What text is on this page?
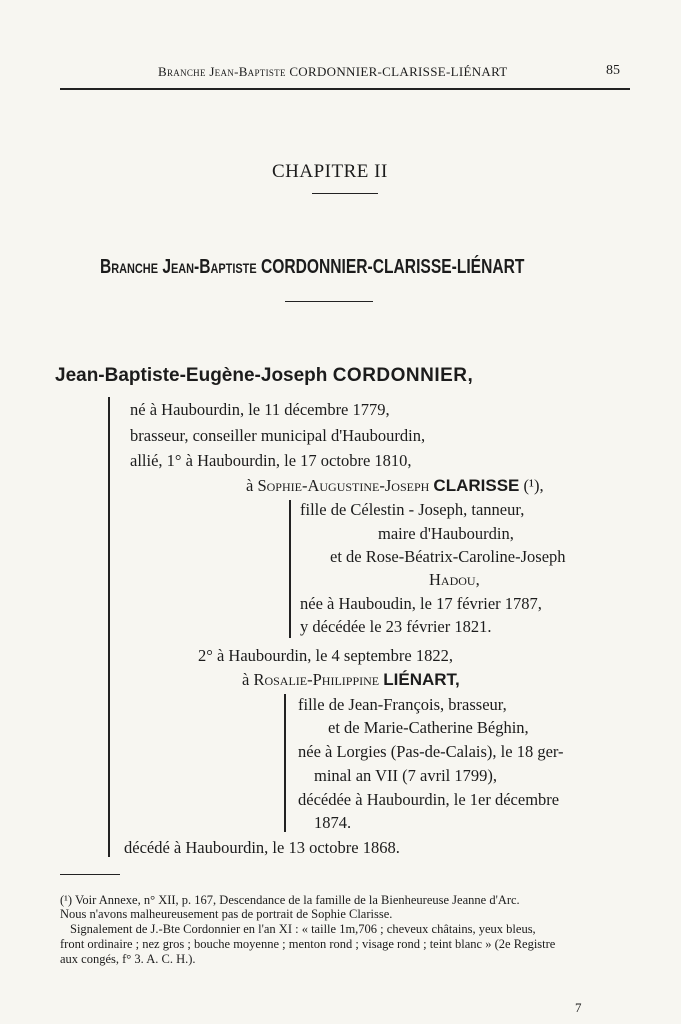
Branche Jean-Baptiste CORDONNIER-CLARISSE-LIÉNART	85
CHAPITRE II
Branche Jean-Baptiste CORDONNIER-CLARISSE-LIÉNART
Jean-Baptiste-Eugène-Joseph CORDONNIER,
né à Haubourdin, le 11 décembre 1779,
brasseur, conseiller municipal d'Haubourdin,
allié, 1° à Haubourdin, le 17 octobre 1810,
à Sophie-Augustine-Joseph CLARISSE (¹),
fille de Célestin - Joseph, tanneur,
maire d'Haubourdin,
et de Rose-Béatrix-Caroline-Joseph
Hadou,
née à Hauboudin, le 17 février 1787,
y décédée le 23 février 1821.
2° à Haubourdin, le 4 septembre 1822,
à Rosalie-Philippine LIÉNART,
fille de Jean-François, brasseur,
et de Marie-Catherine Béghin,
née à Lorgies (Pas-de-Calais), le 18 ger-
minal an VII (7 avril 1799),
décédée à Haubourdin, le 1er décembre
1874.
décédé à Haubourdin, le 13 octobre 1868.
(¹) Voir Annexe, n° XII, p. 167, Descendance de la famille de la Bienheureuse Jeanne d'Arc.
Nous n'avons malheureusement pas de portrait de Sophie Clarisse.
Signalement de J.-Bte Cordonnier en l'an XI : « taille 1m,706 ; cheveux châtains, yeux bleus,
front ordinaire ; nez gros ; bouche moyenne ; menton rond ; visage rond ; teint blanc » (2e Registre
aux congés, f° 3. A. C. H.).
7
